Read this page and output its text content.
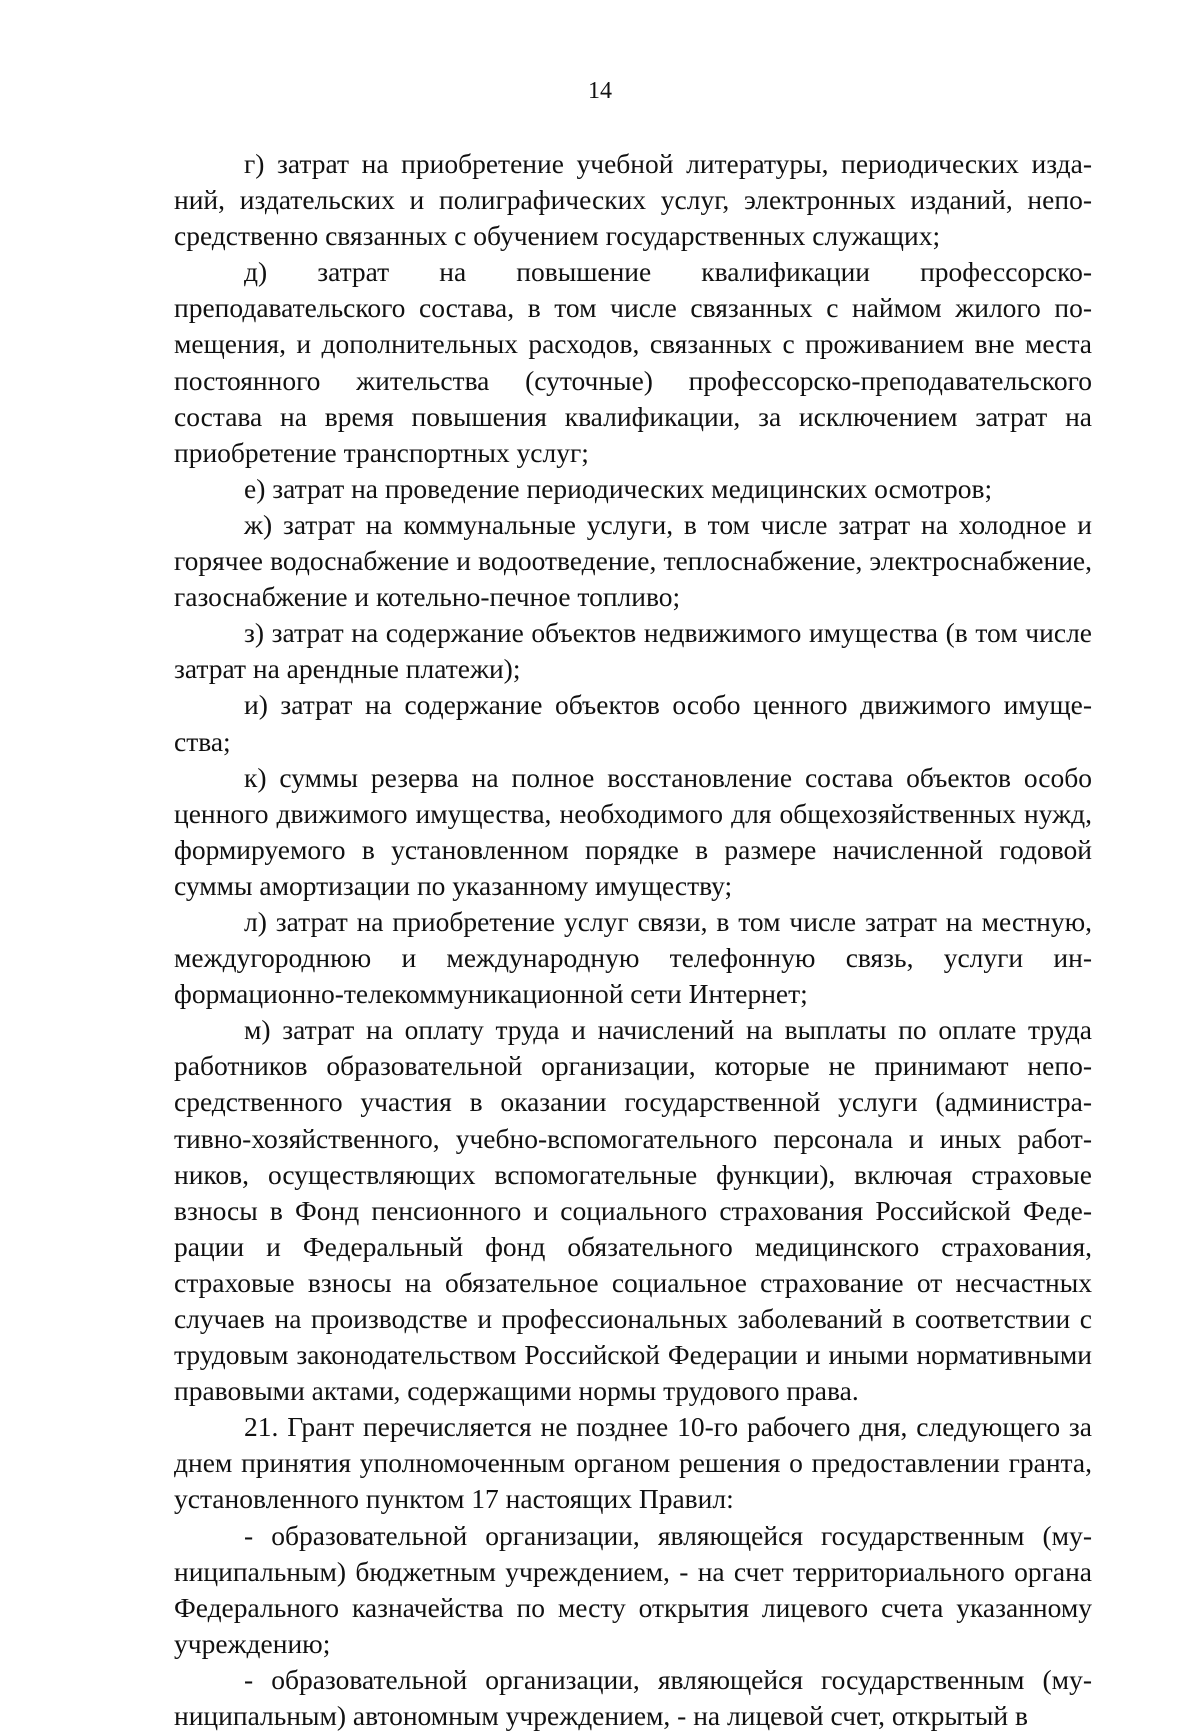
14

г) затрат на приобретение учебной литературы, периодических изданий, издательских и полиграфических услуг, электронных изданий, непосредственно связанных с обучением государственных служащих;

д) затрат на повышение квалификации профессорско-преподавательского состава, в том числе связанных с наймом жилого помещения, и дополнительных расходов, связанных с проживанием вне места постоянного жительства (суточные) профессорско-преподавательского состава на время повышения квалификации, за исключением затрат на приобретение транспортных услуг;

е) затрат на проведение периодических медицинских осмотров;

ж) затрат на коммунальные услуги, в том числе затрат на холодное и горячее водоснабжение и водоотведение, теплоснабжение, электроснабжение, газоснабжение и котельно-печное топливо;

з) затрат на содержание объектов недвижимого имущества (в том числе затрат на арендные платежи);

и) затрат на содержание объектов особо ценного движимого имущества;

к) суммы резерва на полное восстановление состава объектов особо ценного движимого имущества, необходимого для общехозяйственных нужд, формируемого в установленном порядке в размере начисленной годовой суммы амортизации по указанному имуществу;

л) затрат на приобретение услуг связи, в том числе затрат на местную, междугороднюю и международную телефонную связь, услуги информационно-телекоммуникационной сети Интернет;

м) затрат на оплату труда и начислений на выплаты по оплате труда работников образовательной организации, которые не принимают непосредственного участия в оказании государственной услуги (административно-хозяйственного, учебно-вспомогательного персонала и иных работников, осуществляющих вспомогательные функции), включая страховые взносы в Фонд пенсионного и социального страхования Российской Федерации и Федеральный фонд обязательного медицинского страхования, страховые взносы на обязательное социальное страхование от несчастных случаев на производстве и профессиональных заболеваний в соответствии с трудовым законодательством Российской Федерации и иными нормативными правовыми актами, содержащими нормы трудового права.

21. Грант перечисляется не позднее 10-го рабочего дня, следующего за днем принятия уполномоченным органом решения о предоставлении гранта, установленного пунктом 17 настоящих Правил:

- образовательной организации, являющейся государственным (муниципальным) бюджетным учреждением, - на счет территориального органа Федерального казначейства по месту открытия лицевого счета указанному учреждению;

- образовательной организации, являющейся государственным (муниципальным) автономным учреждением, - на лицевой счет, открытый в
